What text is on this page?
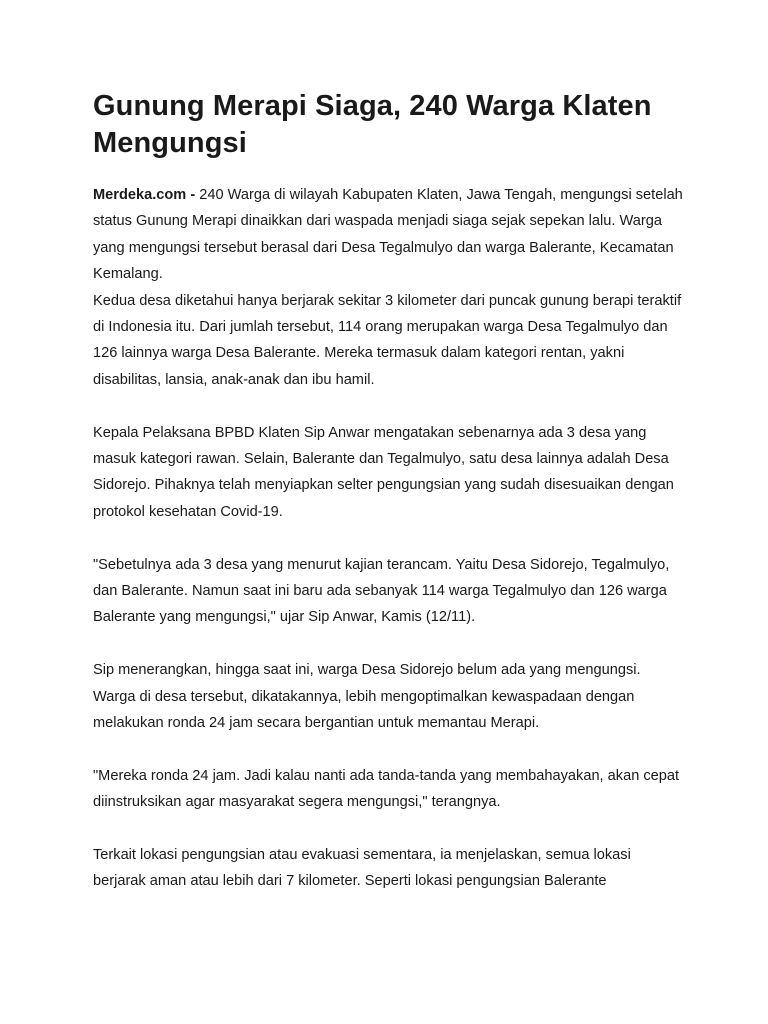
Gunung Merapi Siaga, 240 Warga Klaten Mengungsi

Merdeka.com - 240 Warga di wilayah Kabupaten Klaten, Jawa Tengah, mengungsi setelah status Gunung Merapi dinaikkan dari waspada menjadi siaga sejak sepekan lalu. Warga yang mengungsi tersebut berasal dari Desa Tegalmulyo dan warga Balerante, Kecamatan Kemalang.

Kedua desa diketahui hanya berjarak sekitar 3 kilometer dari puncak gunung berapi teraktif di Indonesia itu. Dari jumlah tersebut, 114 orang merupakan warga Desa Tegalmulyo dan 126 lainnya warga Desa Balerante. Mereka termasuk dalam kategori rentan, yakni disabilitas, lansia, anak-anak dan ibu hamil.

Kepala Pelaksana BPBD Klaten Sip Anwar mengatakan sebenarnya ada 3 desa yang masuk kategori rawan. Selain, Balerante dan Tegalmulyo, satu desa lainnya adalah Desa Sidorejo. Pihaknya telah menyiapkan selter pengungsian yang sudah disesuaikan dengan protokol kesehatan Covid-19.

"Sebetulnya ada 3 desa yang menurut kajian terancam. Yaitu Desa Sidorejo, Tegalmulyo, dan Balerante. Namun saat ini baru ada sebanyak 114 warga Tegalmulyo dan 126 warga Balerante yang mengungsi," ujar Sip Anwar, Kamis (12/11).

Sip menerangkan, hingga saat ini, warga Desa Sidorejo belum ada yang mengungsi. Warga di desa tersebut, dikatakannya, lebih mengoptimalkan kewaspadaan dengan melakukan ronda 24 jam secara bergantian untuk memantau Merapi.

"Mereka ronda 24 jam. Jadi kalau nanti ada tanda-tanda yang membahayakan, akan cepat diinstruksikan agar masyarakat segera mengungsi," terangnya.

Terkait lokasi pengungsian atau evakuasi sementara, ia menjelaskan, semua lokasi berjarak aman atau lebih dari 7 kilometer. Seperti lokasi pengungsian Balerante
